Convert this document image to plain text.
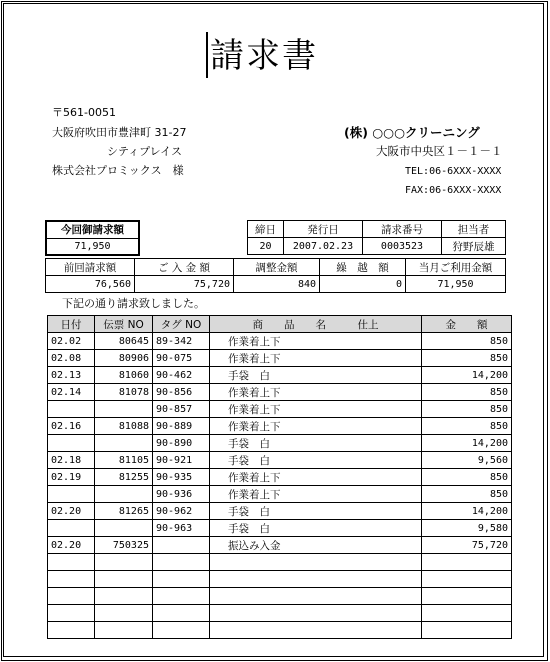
請求書
〒561-0051
大阪府吹田市豊津町 31-27
シティプレイス
株式会社プロミックス　様
(株) ○○○クリーニング
大阪市中央区１－１－１
TEL:06-6XXX-XXXX
FAX:06-6XXX-XXXX
今回御請求額
71,950
締日	発行日	請求番号	担当者
20	2007.02.23	0003523	狩野辰雄
前回請求額	ご 入 金 額	調整金額	繰　越　額	当月ご利用金額
76,560	75,720	840	0	71,950
下記の通り請求致しました。
日付	伝票 NO	タグ NO	商　　品　　名　　　仕上	金　　額
02.02	80645	89-342	作業着上下	850
02.08	80906	90-075	作業着上下	850
02.13	81060	90-462	手袋　白	14,200
02.14	81078	90-856	作業着上下	850
		90-857	作業着上下	850
02.16	81088	90-889	作業着上下	850
		90-890	手袋　白	14,200
02.18	81105	90-921	手袋　白	9,560
02.19	81255	90-935	作業着上下	850
		90-936	作業着上下	850
02.20	81265	90-962	手袋　白	14,200
		90-963	手袋　白	9,580
02.20	750325		振込み入金	75,720
